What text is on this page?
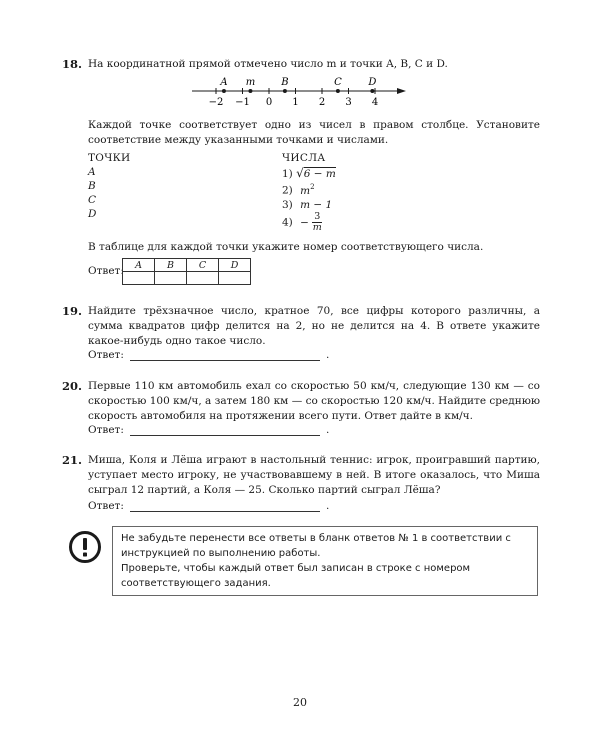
18. На координатной прямой отмечено число m и точки A, B, C и D.
−2 −1 0 1 2 3 4
A m	B	C	D
Каждой точке соответствует одно из чисел в правом столбце. Установите соответствие между указанными точками и числами.
ТОЧКИ
A
B
C
D
ЧИСЛА
1) √6 − m
2) $m^2$
3) m − 1
$4) - \frac{3}{m}$
В таблице для каждой точки укажите номер соответствующего числа.
Ответ: A	B	C	D

19. Найдите трёхзначное число, кратное 70, все цифры которого различны, а сумма квадратов цифр делится на 2, но не делится на 4. В ответе укажите какое-нибудь одно такое число.
Ответ:	.
20. Первые 110 км автомобиль ехал со скоростью 50 км/ч, следующие 130 км — со скоростью 100 км/ч, а затем 180 км — со скоростью 120 км/ч. Найдите среднюю скорость автомобиля на протяжении всего пути. Ответ дайте в км/ч.
Ответ:	.
21. Миша, Коля и Лёша играют в настольный теннис: игрок, проигравший партию, уступает место игроку, не участвовавшему в ней. В итоге оказалось, что Миша сыграл 12 партий, а Коля — 25. Сколько партий сыграл Лёша?
Ответ:	.
Не забудьте перенести все ответы в бланк ответов № 1 в соответствии с инструкцией по выполнению работы.
Проверьте, чтобы каждый ответ был записан в строке с номером соответствующего задания.
20
